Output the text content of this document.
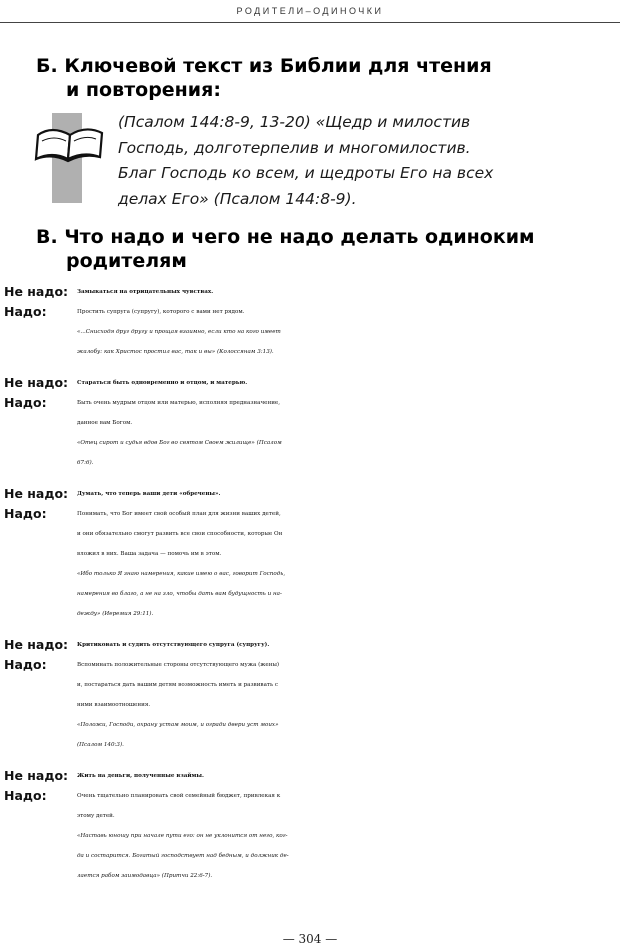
РОДИТЕЛИ–ОДИНОЧКИ
Б. Ключевой текст из Библии для чтения
и повторения:
(Псалом 144:8-9, 13-20) «Щедр и милостив
Господь, долготерпелив и многомилостив.
Благ Господь ко всем, и щедроты Его на всех
делах Его» (Псалом 144:8-9).
В. Что надо и чего не надо делать одиноким
родителям
Не надо:	Замыкаться на отрицательных чувствах.
Надо:	Простить супруга (супругу), которого с вами нет рядом.
«...Снисходя друг другу и прощая взаимно, если кто на кого имеет
жалобу: как Христос простил вас, так и вы» (Колоссянам 3:13).
Не надо:	Стараться быть одновременно и отцом, и матерью.
Надо:	Быть очень мудрым отцом или матерью, исполняя предназначение,
данное вам Богом.
«Отец сирот и судья вдов Бог во святом Своем жилище» (Псалом
67:6).
Не надо:	Думать, что теперь ваши дети «обречены».
Надо:	Понимать, что Бог имеет свой особый план для жизни ваших детей,
и они обязательно смогут развить все свои способности, которые Он
вложил в них. Ваша задача — помочь им в этом.
«Ибо только Я знаю намерения, какие имею о вас, говорит Господь,
намерения во благо, а не на зло, чтобы дать вам будущность и на-
дежду» (Иеремия 29:11).
Не надо:	Критиковать и судить отсутствующего супруга (супругу).
Надо:	Вспоминать положительные стороны отсутствующего мужа (жены)
и, постараться дать вашим детям возможность иметь и развивать с
ними взаимоотношения.
«Положи, Господи, охрану устам моим, и огради двери уст моих»
(Псалом 140:3).
Не надо:	Жить на деньги, полученные взаймы.
Надо:	Очень тщательно планировать свой семейный бюджет, привлекая к
этому детей.
«Наставь юношу при начале пути его: он не уклонится от него, ког-
да и состарится. Богатый господствует над бедным, и должник де-
лается рабом заимодавца» (Притчи 22:6-7).
— 304 —
